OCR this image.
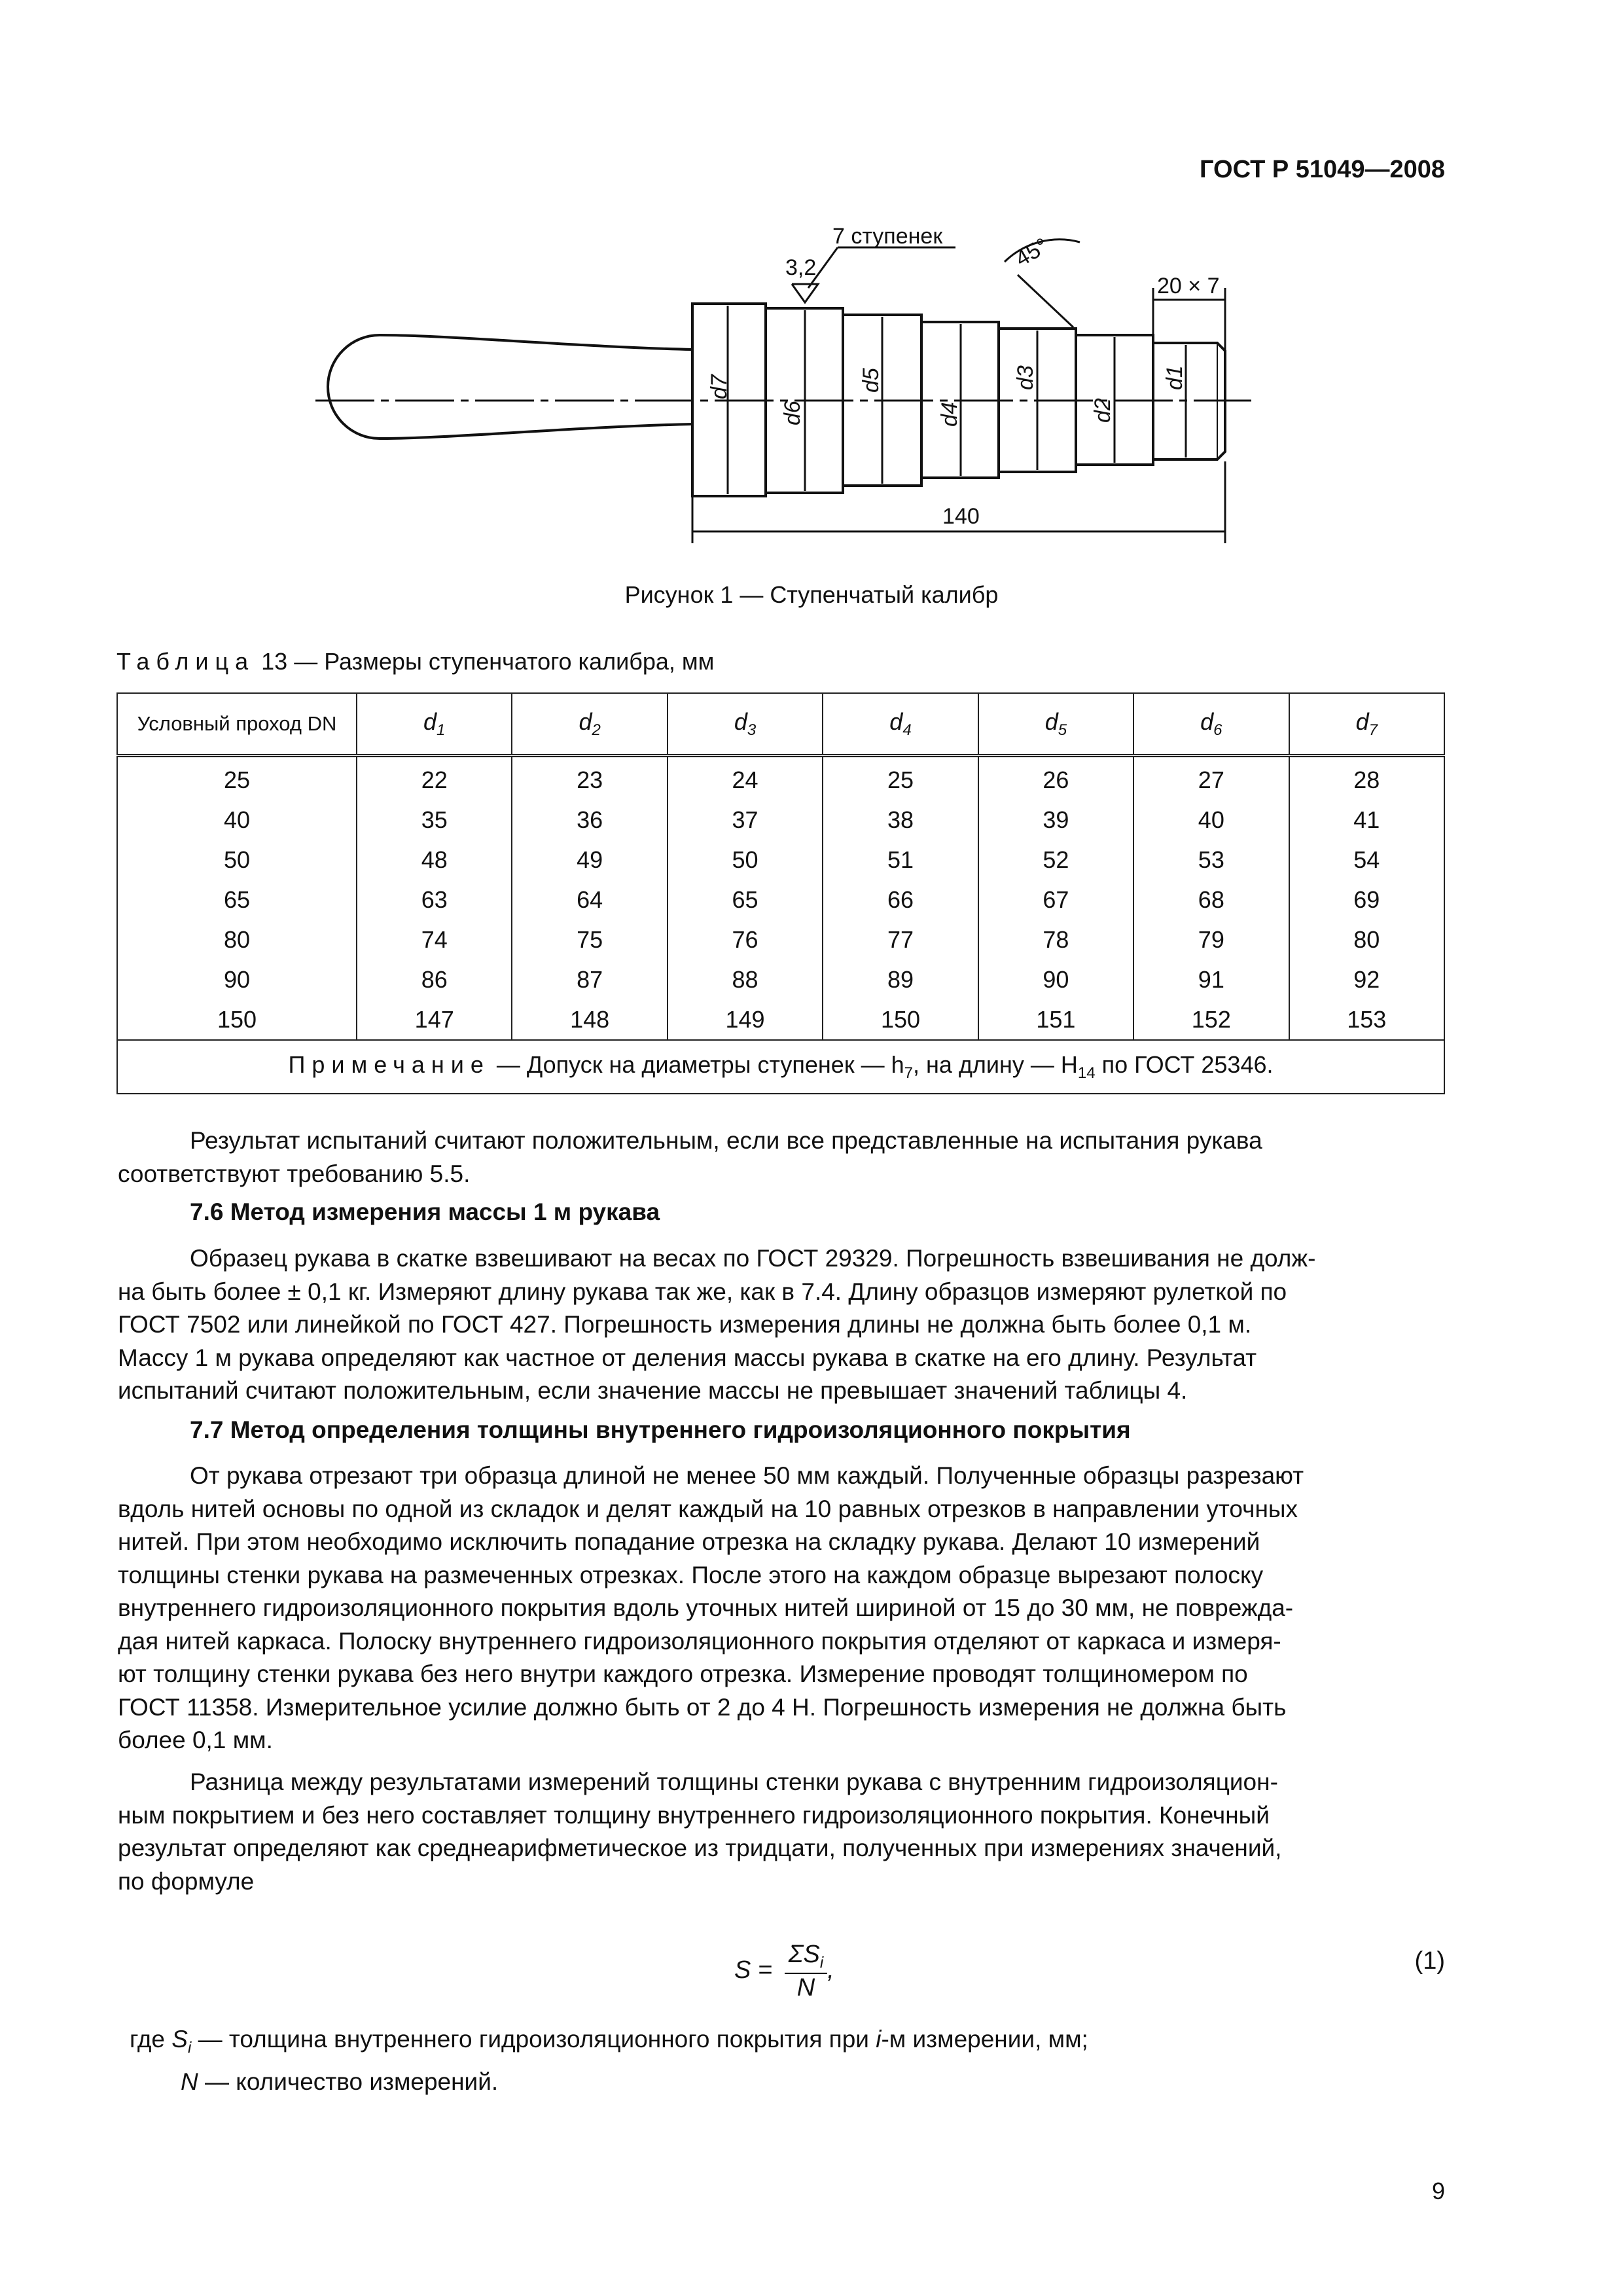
ГОСТ Р 51049—2008
7 ступенек
3,2	45°
20 × 7
140
d7
d6
d5
d4
d3
d2
d1
Рисунок 1 — Ступенчатый калибр
Таблица 13 — Размеры ступенчатого калибра, мм
Условный проход DN	$d_1$	$d_2$	$d_3$	$d_4$	$d_5$	$d_6$	$d_7$
25	22	23	24	25	26	27	28
40	35	36	37	38	39	40	41
50	48	49	50	51	52	53	54
65	63	64	65	66	67	68	69
80	74	75	76	77	78	79	80
90	86	87	88	89	90	91	92
150	147	148	149	150	151	152	153
Примечание — Допуск на диаметры ступенек — $h_7$, на длину — $H_{14}$ по ГОСТ 25346.							
Результат испытаний считают положительным, если все представленные на испытания рукава
соответствуют требованию 5.5.
7.6 Метод измерения массы 1 м рукава
Образец рукава в скатке взвешивают на весах по ГОСТ 29329. Погрешность взвешивания не долж-
на быть более ± 0,1 кг. Измеряют длину рукава так же, как в 7.4. Длину образцов измеряют рулеткой по
ГОСТ 7502 или линейкой по ГОСТ 427. Погрешность измерения длины не должна быть более 0,1 м.
Массу 1 м рукава определяют как частное от деления массы рукава в скатке на его длину. Результат
испытаний считают положительным, если значение массы не превышает значений таблицы 4.
7.7 Метод определения толщины внутреннего гидроизоляционного покрытия
От рукава отрезают три образца длиной не менее 50 мм каждый. Полученные образцы разрезают
вдоль нитей основы по одной из складок и делят каждый на 10 равных отрезков в направлении уточных
нитей. При этом необходимо исключить попадание отрезка на складку рукава. Делают 10 измерений
толщины стенки рукава на размеченных отрезках. После этого на каждом образце вырезают полоску
внутреннего гидроизоляционного покрытия вдоль уточных нитей шириной от 15 до 30 мм, не поврежда-
дая нитей каркаса. Полоску внутреннего гидроизоляционного покрытия отделяют от каркаса и измеря-
ют толщину стенки рукава без него внутри каждого отрезка. Измерение проводят толщиномером по
ГОСТ 11358. Измерительное усилие должно быть от 2 до 4 Н. Погрешность измерения не должна быть
более 0,1 мм.
Разница между результатами измерений толщины стенки рукава с внутренним гидроизоляцион-
ным покрытием и без него составляет толщину внутреннего гидроизоляционного покрытия. Конечный
результат определяют как среднеарифметическое из тридцати, полученных при измерениях значений,
по формуле
$S = \frac{\Sigma S_i}{N}$ ,	(1)
где $S_i$ — толщина внутреннего гидроизоляционного покрытия при i-м измерении, мм;
N — количество измерений.
9
